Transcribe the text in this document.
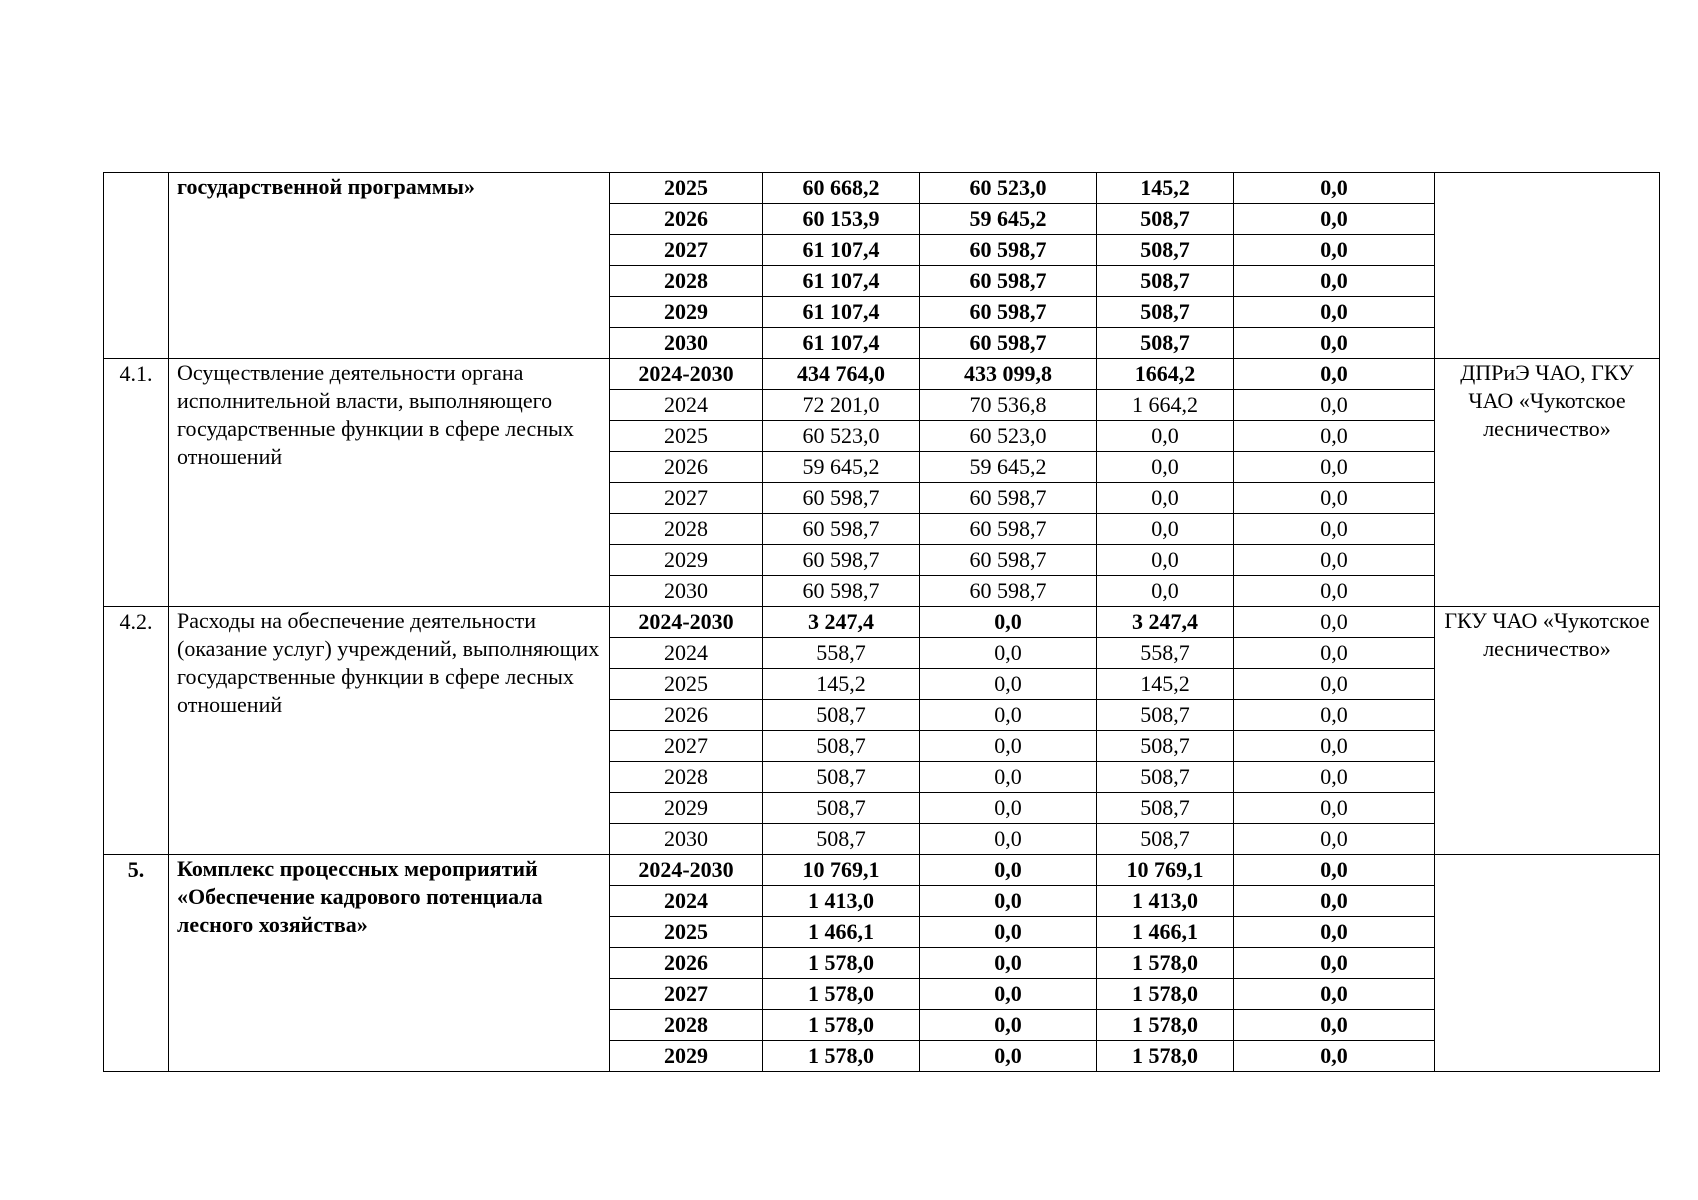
	государственной программы»	2025	60 668,2	60 523,0	145,2	0,0	
		2026	60 153,9	59 645,2	508,7	0,0	
		2027	61 107,4	60 598,7	508,7	0,0	
		2028	61 107,4	60 598,7	508,7	0,0	
		2029	61 107,4	60 598,7	508,7	0,0	
		2030	61 107,4	60 598,7	508,7	0,0	
4.1.	Осуществление деятельности органа исполнительной власти, выполняющего государственные функции в сфере лесных отношений	2024-2030	434 764,0	433 099,8	1664,2	0,0	ДПРиЭ ЧАО, ГКУ ЧАО «Чукотское лесничество»
		2024	72 201,0	70 536,8	1 664,2	0,0	
		2025	60 523,0	60 523,0	0,0	0,0	
		2026	59 645,2	59 645,2	0,0	0,0	
		2027	60 598,7	60 598,7	0,0	0,0	
		2028	60 598,7	60 598,7	0,0	0,0	
		2029	60 598,7	60 598,7	0,0	0,0	
		2030	60 598,7	60 598,7	0,0	0,0	
4.2.	Расходы на обеспечение деятельности (оказание услуг) учреждений, выполняющих государственные функции в сфере лесных отношений	2024-2030	3 247,4	0,0	3 247,4	0,0	ГКУ ЧАО «Чукотское лесничество»
		2024	558,7	0,0	558,7	0,0	
		2025	145,2	0,0	145,2	0,0	
		2026	508,7	0,0	508,7	0,0	
		2027	508,7	0,0	508,7	0,0	
		2028	508,7	0,0	508,7	0,0	
		2029	508,7	0,0	508,7	0,0	
		2030	508,7	0,0	508,7	0,0	
5.	Комплекс процессных мероприятий «Обеспечение кадрового потенциала лесного хозяйства»	2024-2030	10 769,1	0,0	10 769,1	0,0	
		2024	1 413,0	0,0	1 413,0	0,0	
		2025	1 466,1	0,0	1 466,1	0,0	
		2026	1 578,0	0,0	1 578,0	0,0	
		2027	1 578,0	0,0	1 578,0	0,0	
		2028	1 578,0	0,0	1 578,0	0,0	
		2029	1 578,0	0,0	1 578,0	0,0	
